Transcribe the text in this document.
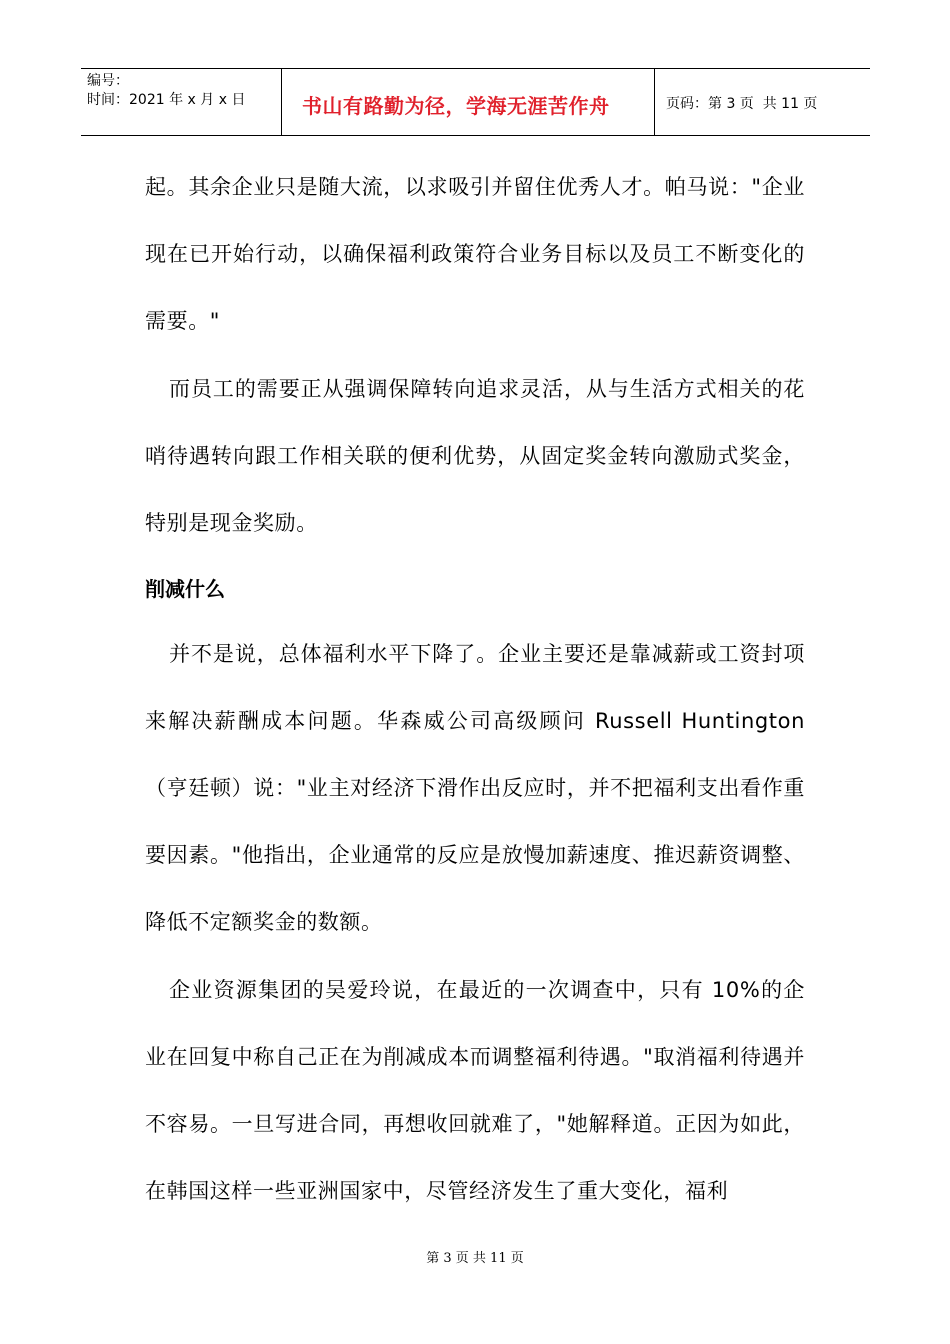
编号：
时间：2021 年 x 月 x 日	书山有路勤为径，学海无涯苦作舟	页码：第 3 页  共 11 页

起。其余企业只是随大流，以求吸引并留住优秀人才。帕马说："企业现在已开始行动，以确保福利政策符合业务目标以及员工不断变化的需要。"

而员工的需要正从强调保障转向追求灵活，从与生活方式相关的花哨待遇转向跟工作相关联的便利优势，从固定奖金转向激励式奖金，特别是现金奖励。

削减什么

并不是说，总体福利水平下降了。企业主要还是靠减薪或工资封项来解决薪酬成本问题。华森威公司高级顾问 Russell Huntington（亨廷顿）说："业主对经济下滑作出反应时，并不把福利支出看作重要因素。"他指出，企业通常的反应是放慢加薪速度、推迟薪资调整、降低不定额奖金的数额。

企业资源集团的吴爱玲说，在最近的一次调查中，只有 10%的企业在回复中称自己正在为削减成本而调整福利待遇。"取消福利待遇并不容易。一旦写进合同，再想收回就难了，"她解释道。正因为如此，在韩国这样一些亚洲国家中，尽管经济发生了重大变化，福利

第 3 页 共 11 页
